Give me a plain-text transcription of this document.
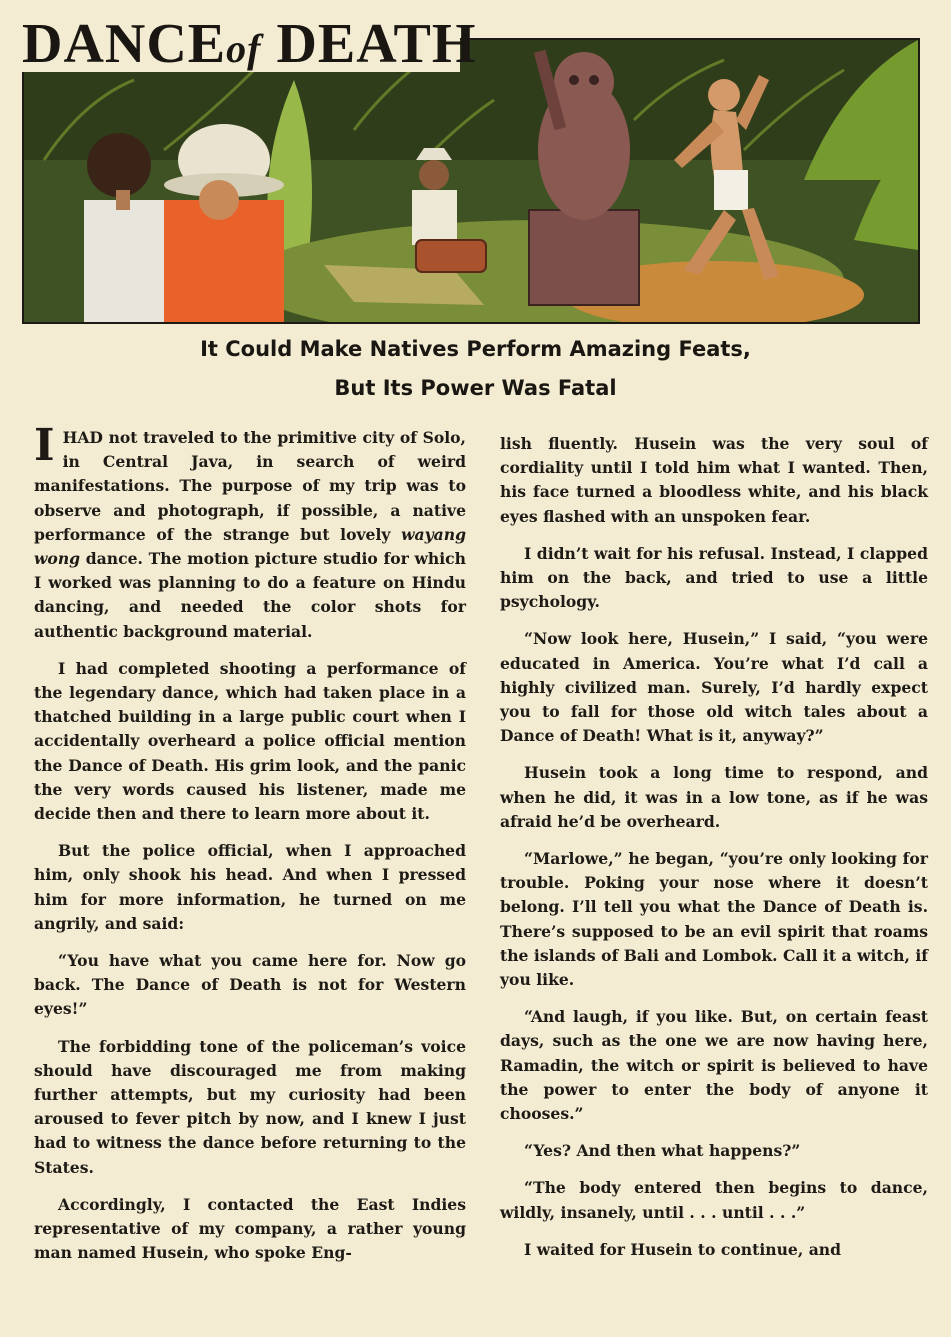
DANCEof DEATH
It Could Make Natives Perform Amazing Feats,
But Its Power Was Fatal

IHAD not traveled to the primitive city of Solo, in Central Java, in search of weird manifestations. The purpose of my trip was to observe and photograph, if possible, a native performance of the strange but lovely wayang wong dance. The motion picture studio for which I worked was planning to do a feature on Hindu dancing, and needed the color shots for authentic background material.

I had completed shooting a performance of the legendary dance, which had taken place in a thatched building in a large public court when I accidentally overheard a police official mention the Dance of Death. His grim look, and the panic the very words caused his listener, made me decide then and there to learn more about it.

But the police official, when I approached him, only shook his head. And when I pressed him for more information, he turned on me angrily, and said:

“You have what you came here for. Now go back. The Dance of Death is not for Western eyes!”

The forbidding tone of the policeman’s voice should have discouraged me from making further attempts, but my curiosity had been aroused to fever pitch by now, and I knew I just had to witness the dance before returning to the States.

Accordingly, I contacted the East Indies representative of my company, a rather young man named Husein, who spoke Eng-

lish fluently. Husein was the very soul of cordiality until I told him what I wanted. Then, his face turned a bloodless white, and his black eyes flashed with an unspoken fear.

I didn’t wait for his refusal. Instead, I clapped him on the back, and tried to use a little psychology.

“Now look here, Husein,” I said, “you were educated in America. You’re what I’d call a highly civilized man. Surely, I’d hardly expect you to fall for those old witch tales about a Dance of Death! What is it, anyway?”

Husein took a long time to respond, and when he did, it was in a low tone, as if he was afraid he’d be overheard.

“Marlowe,” he began, “you’re only looking for trouble. Poking your nose where it doesn’t belong. I’ll tell you what the Dance of Death is. There’s supposed to be an evil spirit that roams the islands of Bali and Lombok. Call it a witch, if you like.

“And laugh, if you like. But, on certain feast days, such as the one we are now having here, Ramadin, the witch or spirit is believed to have the power to enter the body of anyone it chooses.”

“Yes? And then what happens?”

“The body entered then begins to dance, wildly, insanely, until . . . until . . .”

I waited for Husein to continue, and
